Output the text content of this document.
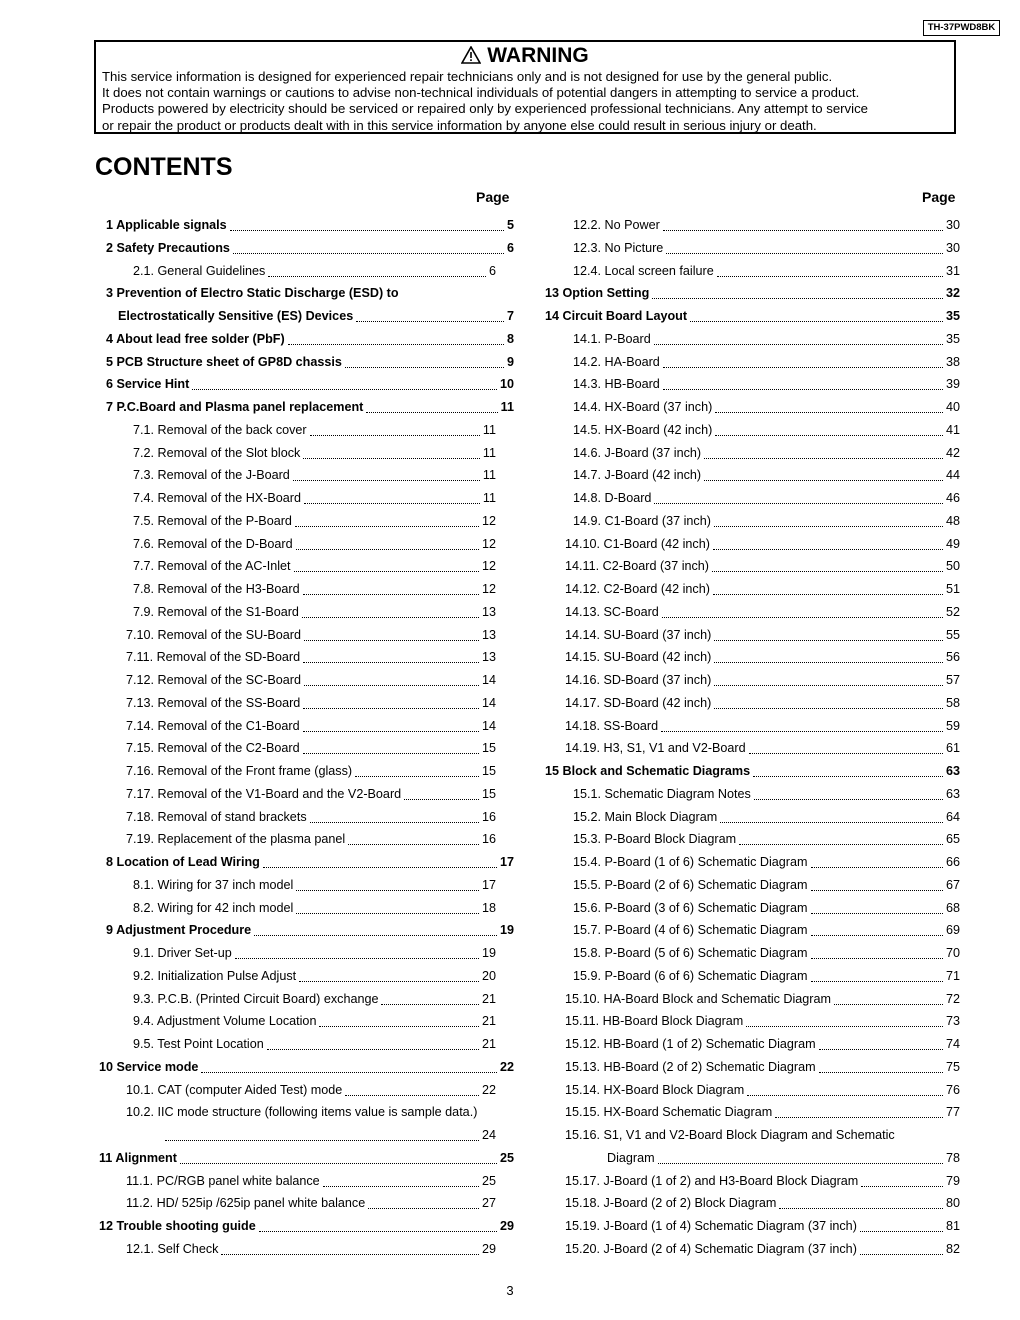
TH-37PWD8BK
WARNING
This service information is designed for experienced repair technicians only and is not designed for use by the general public.
It does not contain warnings or cautions to advise non-technical individuals of potential dangers in attempting to service a product.
Products powered by electricity should be serviced or repaired only by experienced professional technicians. Any attempt to service
or repair the product or products dealt with in this service information by anyone else could result in serious injury or death.
CONTENTS
Page	Page
1 Applicable signals	5
2 Safety Precautions	6
2.1. General Guidelines	6
3 Prevention of Electro Static Discharge (ESD) to
Electrostatically Sensitive (ES) Devices	7
4 About lead free solder (PbF)	8
5 PCB Structure sheet of GP8D chassis	9
6 Service Hint	10
7 P.C.Board and Plasma panel replacement	11
7.1. Removal of the back cover	11
7.2. Removal of the Slot block	11
7.3. Removal of the J-Board	11
7.4. Removal of the HX-Board	11
7.5. Removal of the P-Board	12
7.6. Removal of the D-Board	12
7.7. Removal of the AC-Inlet	12
7.8. Removal of the H3-Board	12
7.9. Removal of the S1-Board	13
7.10. Removal of the SU-Board	13
7.11. Removal of the SD-Board	13
7.12. Removal of the SC-Board	14
7.13. Removal of the SS-Board	14
7.14. Removal of the C1-Board	14
7.15. Removal of the C2-Board	15
7.16. Removal of the Front frame (glass)	15
7.17. Removal of the V1-Board and the V2-Board	15
7.18. Removal of stand brackets	16
7.19. Replacement of the plasma panel	16
8 Location of Lead Wiring	17
8.1. Wiring for 37 inch model	17
8.2. Wiring for 42 inch model	18
9 Adjustment Procedure	19
9.1. Driver Set-up	19
9.2. Initialization Pulse Adjust	20
9.3. P.C.B. (Printed Circuit Board) exchange	21
9.4. Adjustment Volume Location	21
9.5. Test Point Location	21
10 Service mode	22
10.1. CAT (computer Aided Test) mode	22
10.2. IIC mode structure (following items value is sample data.)
24
11 Alignment	25
11.1. PC/RGB panel white balance	25
11.2. HD/ 525ip /625ip panel white balance	27
12 Trouble shooting guide	29
12.1. Self Check	29
12.2. No Power	30
12.3. No Picture	30
12.4. Local screen failure	31
13 Option Setting	32
14 Circuit Board Layout	35
14.1. P-Board	35
14.2. HA-Board	38
14.3. HB-Board	39
14.4. HX-Board (37 inch)	40
14.5. HX-Board (42 inch)	41
14.6. J-Board (37 inch)	42
14.7. J-Board (42 inch)	44
14.8. D-Board	46
14.9. C1-Board (37 inch)	48
14.10. C1-Board (42 inch)	49
14.11. C2-Board (37 inch)	50
14.12. C2-Board (42 inch)	51
14.13. SC-Board	52
14.14. SU-Board (37 inch)	55
14.15. SU-Board (42 inch)	56
14.16. SD-Board (37 inch)	57
14.17. SD-Board (42 inch)	58
14.18. SS-Board	59
14.19. H3, S1, V1 and V2-Board	61
15 Block and Schematic Diagrams	63
15.1. Schematic Diagram Notes	63
15.2. Main Block Diagram	64
15.3. P-Board Block Diagram	65
15.4. P-Board (1 of 6) Schematic Diagram	66
15.5. P-Board (2 of 6) Schematic Diagram	67
15.6. P-Board (3 of 6) Schematic Diagram	68
15.7. P-Board (4 of 6) Schematic Diagram	69
15.8. P-Board (5 of 6) Schematic Diagram	70
15.9. P-Board (6 of 6) Schematic Diagram	71
15.10. HA-Board Block and Schematic Diagram	72
15.11. HB-Board Block Diagram	73
15.12. HB-Board (1 of 2) Schematic Diagram	74
15.13. HB-Board (2 of 2) Schematic Diagram	75
15.14. HX-Board Block Diagram	76
15.15. HX-Board Schematic Diagram	77
15.16. S1, V1 and V2-Board Block Diagram and Schematic
Diagram	78
15.17. J-Board (1 of 2) and H3-Board Block Diagram	79
15.18. J-Board (2 of 2) Block Diagram	80
15.19. J-Board (1 of 4) Schematic Diagram (37 inch)	81
15.20. J-Board (2 of 4) Schematic Diagram (37 inch)	82
3
